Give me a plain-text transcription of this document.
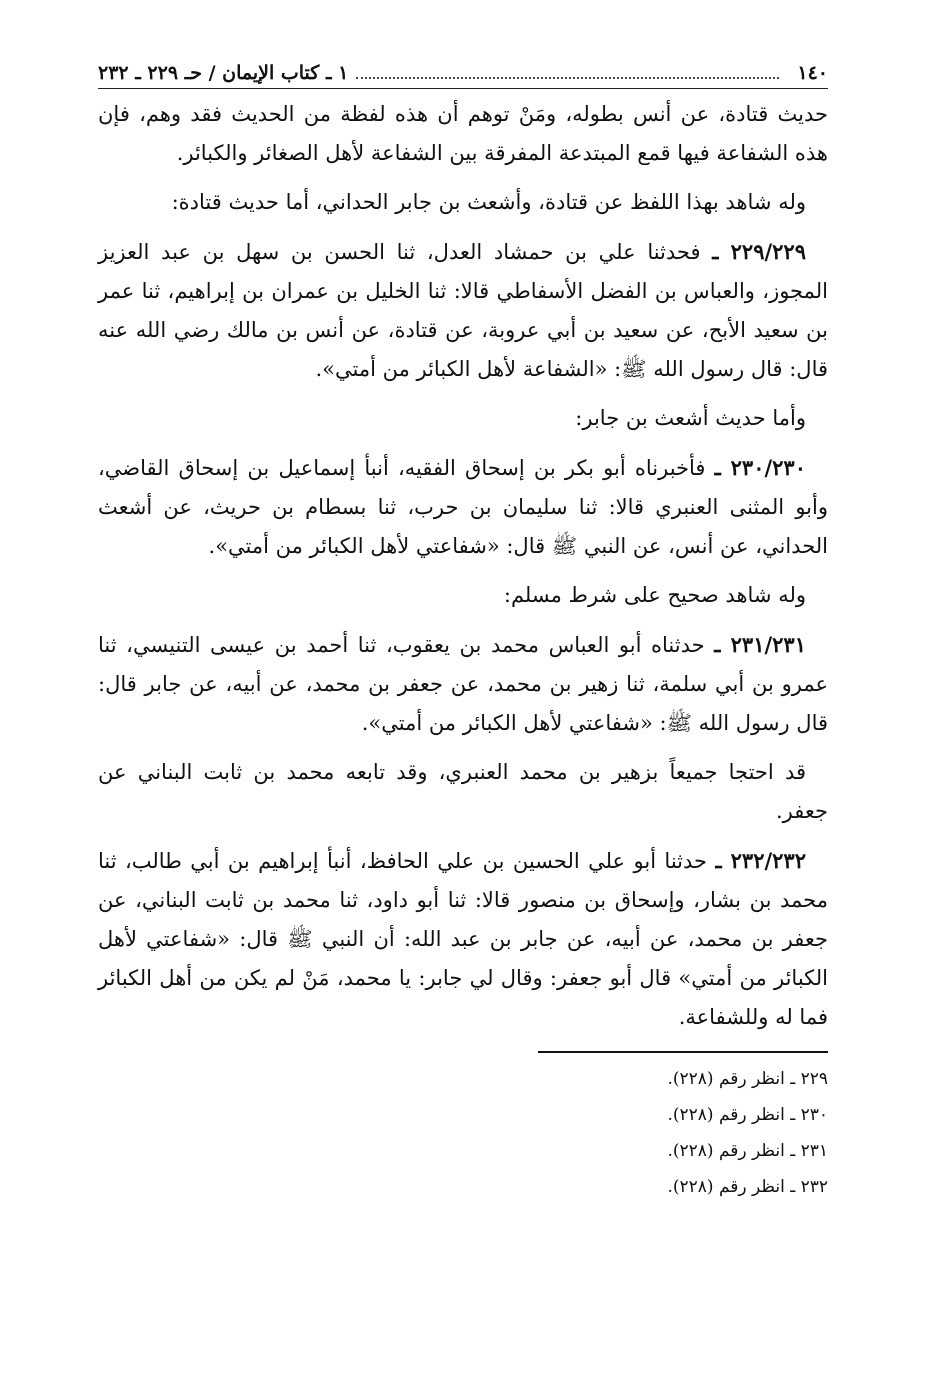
١٤٠
١ ـ كتاب الإيمان / حـ ٢٢٩ ـ ٢٣٢

حديث قتادة، عن أنس بطوله، ومَنْ توهم أن هذه لفظة من الحديث فقد وهم، فإن هذه الشفاعة فيها قمع المبتدعة المفرقة بين الشفاعة لأهل الصغائر والكبائر.

وله شاهد بهذا اللفظ عن قتادة، وأشعث بن جابر الحداني، أما حديث قتادة:

٢٢٩/٢٢٩ ـ فحدثنا علي بن حمشاد العدل، ثنا الحسن بن سهل بن عبد العزيز المجوز، والعباس بن الفضل الأسفاطي قالا: ثنا الخليل بن عمران بن إبراهيم، ثنا عمر بن سعيد الأبح، عن سعيد بن أبي عروبة، عن قتادة، عن أنس بن مالك رضي الله عنه قال: قال رسول الله ﷺ: «الشفاعة لأهل الكبائر من أمتي».

وأما حديث أشعث بن جابر:

٢٣٠/٢٣٠ ـ فأخبرناه أبو بكر بن إسحاق الفقيه، أنبأ إسماعيل بن إسحاق القاضي، وأبو المثنى العنبري قالا: ثنا سليمان بن حرب، ثنا بسطام بن حريث، عن أشعث الحداني، عن أنس، عن النبي ﷺ قال: «شفاعتي لأهل الكبائر من أمتي».

وله شاهد صحيح على شرط مسلم:

٢٣١/٢٣١ ـ حدثناه أبو العباس محمد بن يعقوب، ثنا أحمد بن عيسى التنيسي، ثنا عمرو بن أبي سلمة، ثنا زهير بن محمد، عن جعفر بن محمد، عن أبيه، عن جابر قال: قال رسول الله ﷺ: «شفاعتي لأهل الكبائر من أمتي».

قد احتجا جميعاً بزهير بن محمد العنبري، وقد تابعه محمد بن ثابت البناني عن جعفر.

٢٣٢/٢٣٢ ـ حدثنا أبو علي الحسين بن علي الحافظ، أنبأ إبراهيم بن أبي طالب، ثنا محمد بن بشار، وإسحاق بن منصور قالا: ثنا أبو داود، ثنا محمد بن ثابت البناني، عن جعفر بن محمد، عن أبيه، عن جابر بن عبد الله: أن النبي ﷺ قال: «شفاعتي لأهل الكبائر من أمتي» قال أبو جعفر: وقال لي جابر: يا محمد، مَنْ لم يكن من أهل الكبائر فما له وللشفاعة.

٢٢٩ ـ انظر رقم (٢٢٨).
٢٣٠ ـ انظر رقم (٢٢٨).
٢٣١ ـ انظر رقم (٢٢٨).
٢٣٢ ـ انظر رقم (٢٢٨).
